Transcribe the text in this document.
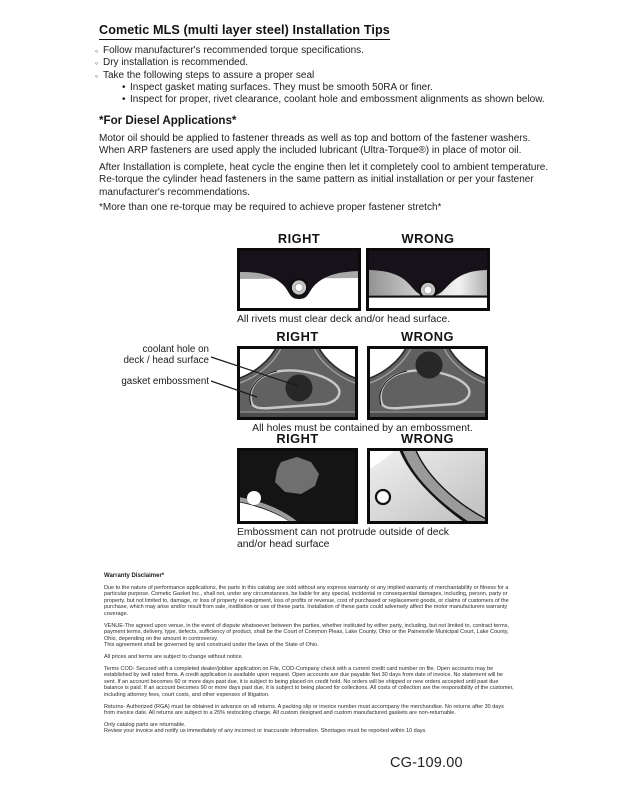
Cometic MLS (multi layer steel) Installation Tips
◦ Follow manufacturer's recommended torque specifications.
◦ Dry installation is recommended.
◦ Take the following steps to assure a proper seal
• Inspect gasket mating surfaces. They must be smooth 50RA or finer.
• Inspect for proper, rivet clearance, coolant hole and embossment alignments as shown below.
*For Diesel Applications*
Motor oil should be applied to fastener threads as well as top and bottom of the fastener washers. When ARP fasteners are used apply the included lubricant (Ultra-Torque®) in place of motor oil.
After Installation is complete, heat cycle the engine then let it completely cool to ambient temperature. Re-torque the cylinder head fasteners in the same pattern as initial installation or per your fastener manufacturer's recommendations.
*More than one re-torque may be required to achieve proper fastener stretch*
RIGHT	WRONG
All rivets must clear deck and/or head surface.
coolant hole on
deck / head surface
gasket embossment
RIGHT	WRONG
All holes must be contained by an embossment.
RIGHT	WRONG
Embossment can not protrude outside of deck
and/or head surface
Warranty Disclaimer*
Due to the nature of performance applications, the parts in this catalog are sold without any express warranty or any implied warranty of merchantability or fitness for a particular purpose. Cometic Gasket Inc., shall not, under any circumstances, be liable for any special, incidental or consequential damages, including, person, party or property, but not limited to, damage, or loss of property or equipment, loss of profits or revenue, cost of purchased or replacement goods, or claims of customers of the purchase, which may arise and/or result from sale, instillation or use of these parts. Installation of these parts could adversely affect the motor manufacturers warranty coverage.
VENUE-The agreed upon venue, in the event of dispute whatsoever between the parties, whether instituted by either party, including, but not limited to, contract terms, payment terms, delivery, type, defects, sufficiency of product, shall be the Court of Common Pleas, Lake County, Ohio or the Painesville Municipal Court, Lake County, Ohio, depending on the amount in controversy.
This agreement shall be governed by and construed under the laws of the State of Ohio.
All prices and terms are subject to change without notice.
Terms COD- Secured with a completed dealer/jobber application on File, COD-Company check with a current credit card number on file. Open accounts may be established by well rated firms. A credit application is available upon request. Open accounts are due payable Net 30 days from date of invoice. No statement will be sent. If an account becomes 60 or more days past due, it is subject to being placed on credit hold. No orders will be shipped or new orders accepted until past due balance is paid. If an account becomes 90 or more days past due, it is subject to being placed for collections. All costs of collection are the responsibility of the customer, including attorney fees, court costs, and other expenses of litigation.
Returns- Authorized (RGA) must be obtained in advance on all returns. A packing slip or invoice number must accompany the merchandise. No returns after 30 days from invoice date. All returns are subject to a 25% restocking charge. All custom designed and custom manufactured gaskets are non-returnable.
Only catalog parts are returnable.
Review your invoice and notify us immediately of any incorrect or inaccurate information. Shortages must be reported within 10 days.
CG-109.00
